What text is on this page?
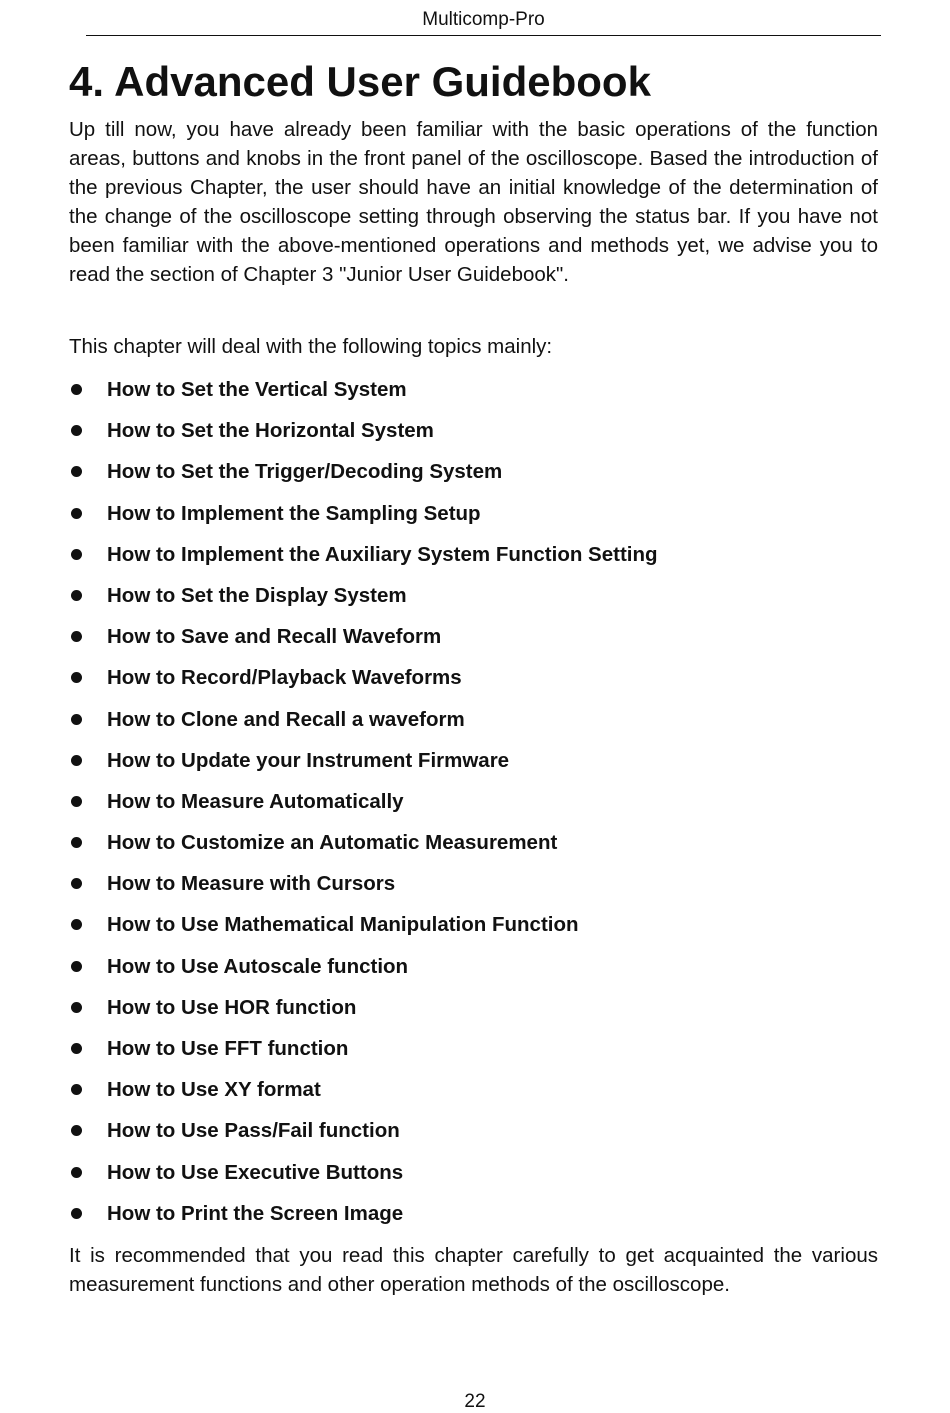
Multicomp-Pro
4. Advanced User Guidebook

Up till now, you have already been familiar with the basic operations of the function areas, buttons and knobs in the front panel of the oscilloscope. Based the introduction of the previous Chapter, the user should have an initial knowledge of the determination of the change of the oscilloscope setting through observing the status bar. If you have not been familiar with the above-mentioned operations and methods yet, we advise you to read the section of Chapter 3 "Junior User Guidebook".

This chapter will deal with the following topics mainly:

How to Set the Vertical System
How to Set the Horizontal System
How to Set the Trigger/Decoding System
How to Implement the Sampling Setup
How to Implement the Auxiliary System Function Setting
How to Set the Display System
How to Save and Recall Waveform
How to Record/Playback Waveforms
How to Clone and Recall a waveform
How to Update your Instrument Firmware
How to Measure Automatically
How to Customize an Automatic Measurement
How to Measure with Cursors
How to Use Mathematical Manipulation Function
How to Use Autoscale function
How to Use HOR function
How to Use FFT function
How to Use XY format
How to Use Pass/Fail function
How to Use Executive Buttons
How to Print the Screen Image

It is recommended that you read this chapter carefully to get acquainted the various measurement functions and other operation methods of the oscilloscope.

22
